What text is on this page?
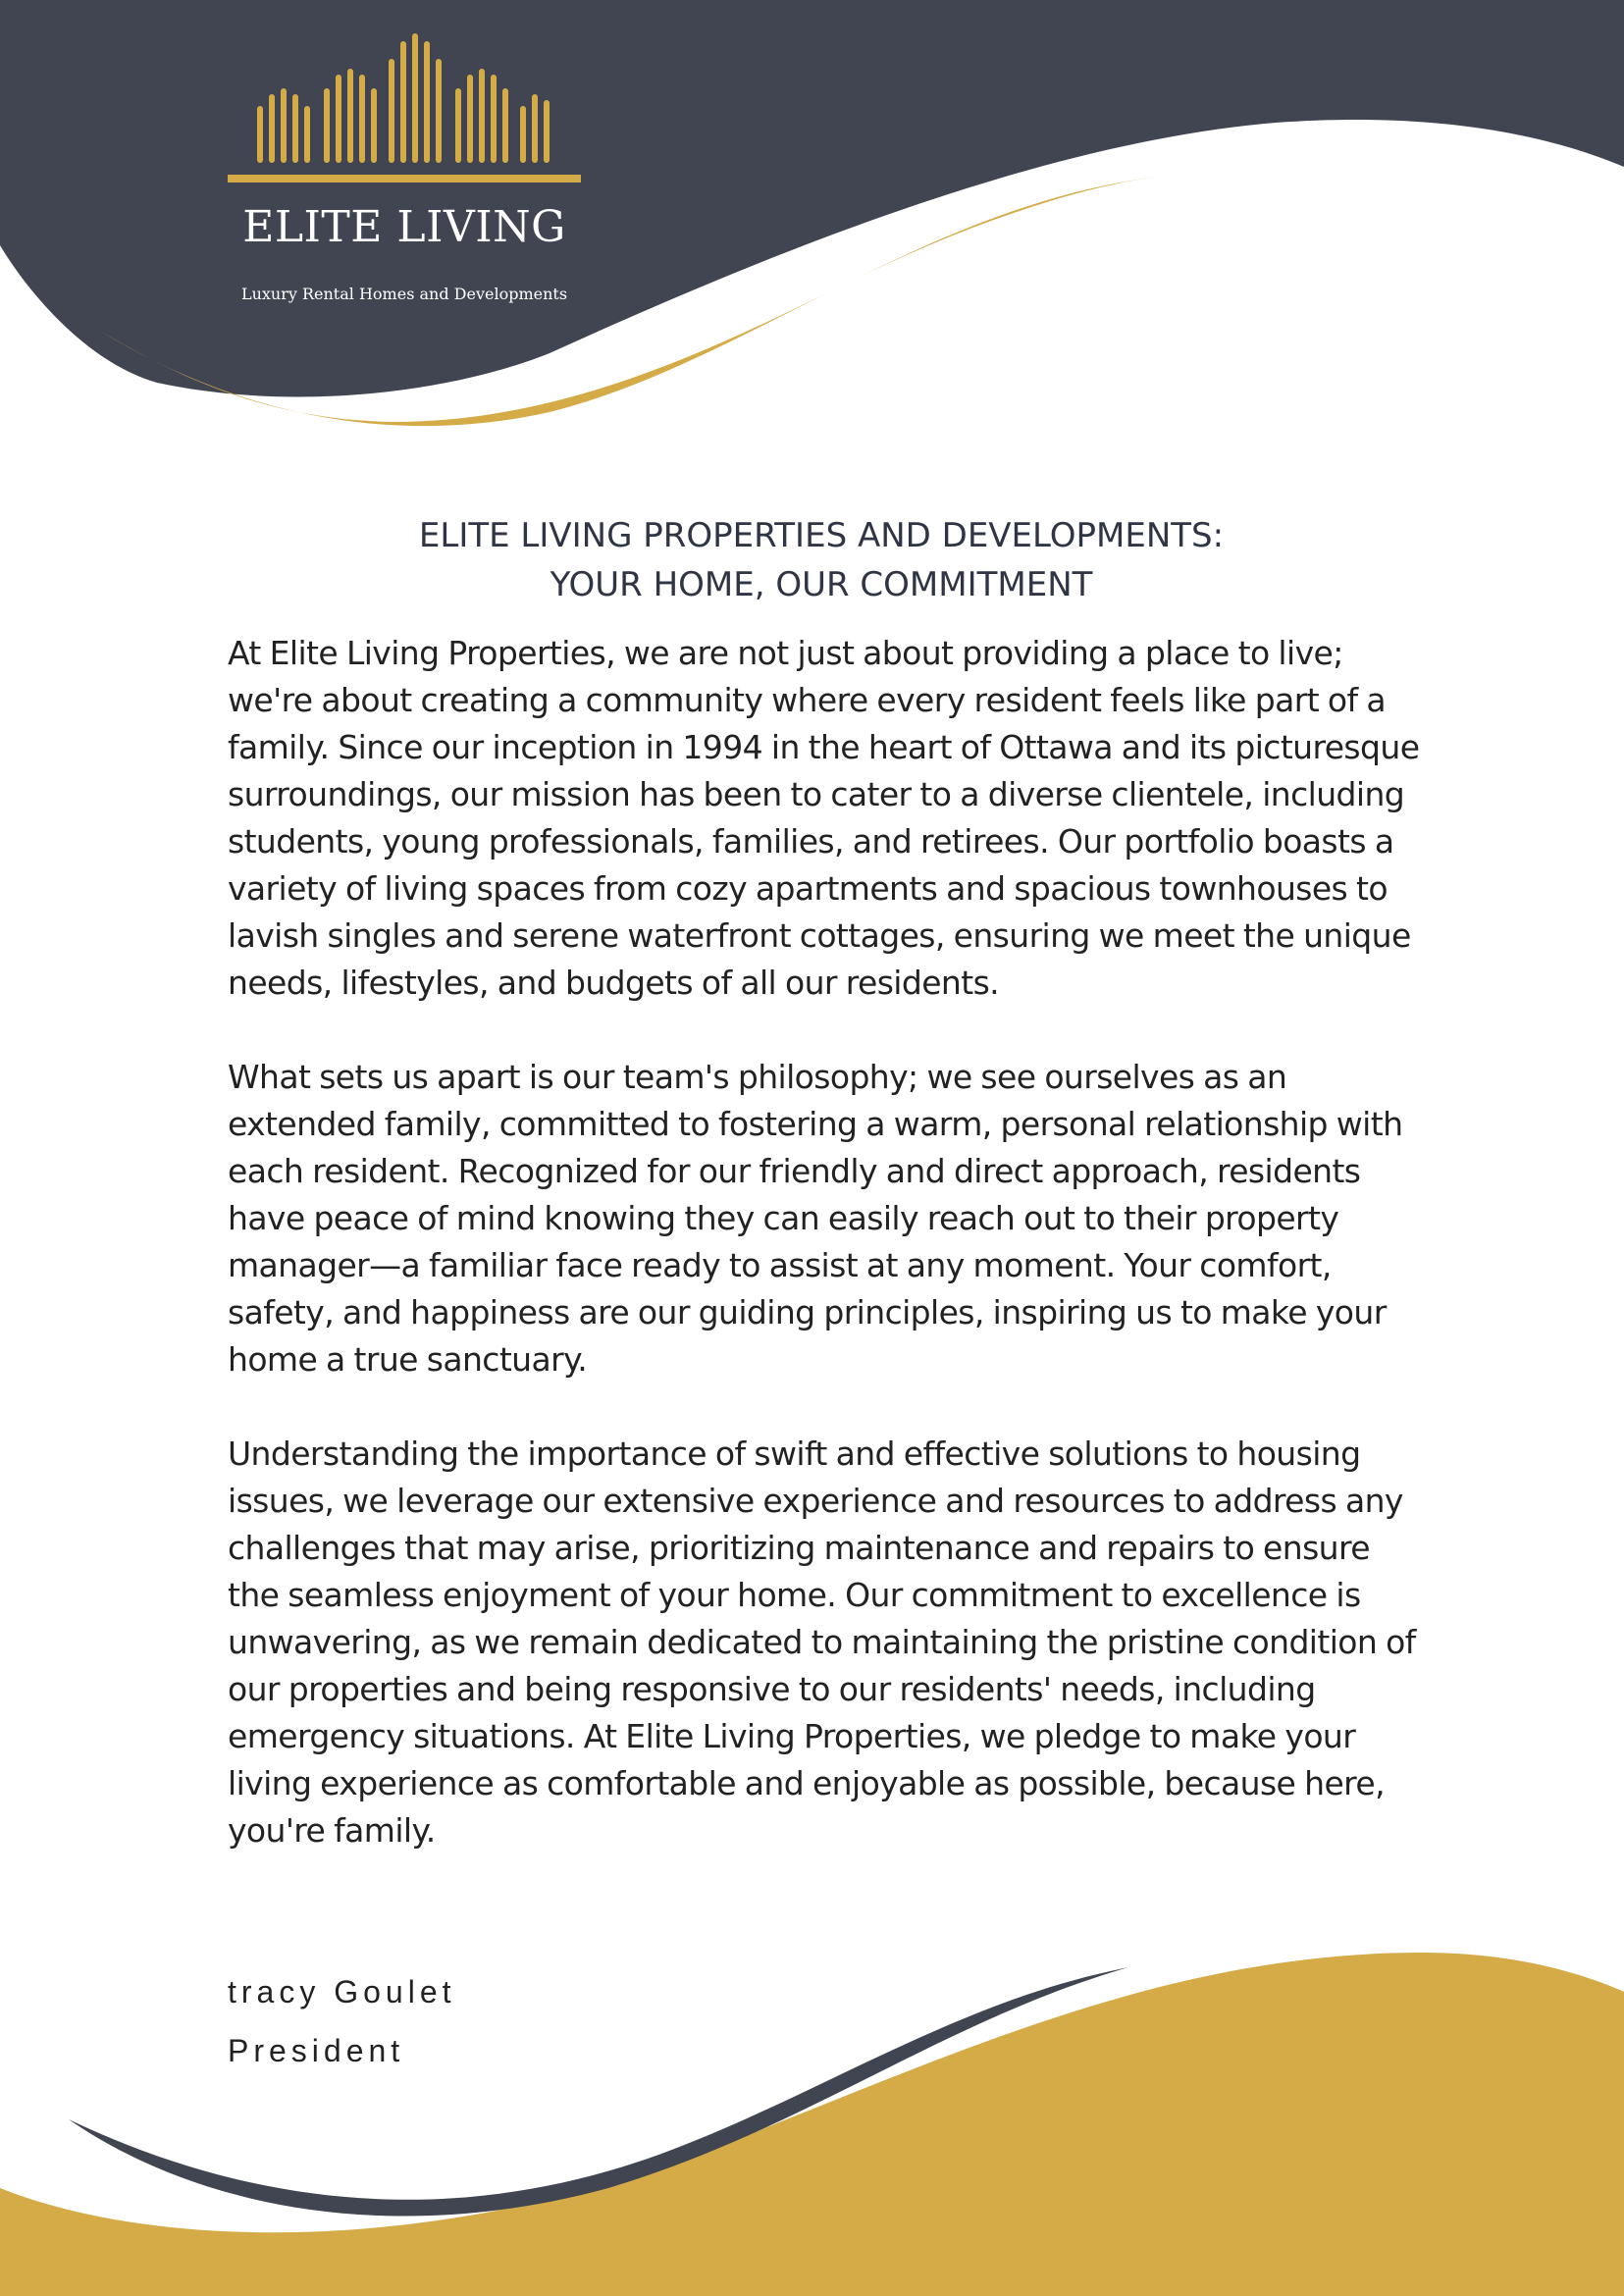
ELITE LIVING
Luxury Rental Homes and Developments
ELITE LIVING PROPERTIES AND DEVELOPMENTS:
YOUR HOME, OUR COMMITMENT

At Elite Living Properties, we are not just about providing a place to live; we're about creating a community where every resident feels like part of a family. Since our inception in 1994 in the heart of Ottawa and its picturesque surroundings, our mission has been to cater to a diverse clientele, including students, young professionals, families, and retirees. Our portfolio boasts a variety of living spaces from cozy apartments and spacious townhouses to lavish singles and serene waterfront cottages, ensuring we meet the unique needs, lifestyles, and budgets of all our residents.

What sets us apart is our team's philosophy; we see ourselves as an extended family, committed to fostering a warm, personal relationship with each resident. Recognized for our friendly and direct approach, residents have peace of mind knowing they can easily reach out to their property manager—a familiar face ready to assist at any moment. Your comfort, safety, and happiness are our guiding principles, inspiring us to make your home a true sanctuary.

Understanding the importance of swift and effective solutions to housing issues, we leverage our extensive experience and resources to address any challenges that may arise, prioritizing maintenance and repairs to ensure the seamless enjoyment of your home. Our commitment to excellence is unwavering, as we remain dedicated to maintaining the pristine condition of our properties and being responsive to our residents' needs, including emergency situations. At Elite Living Properties, we pledge to make your living experience as comfortable and enjoyable as possible, because here, you're family.

tracy Goulet
President
